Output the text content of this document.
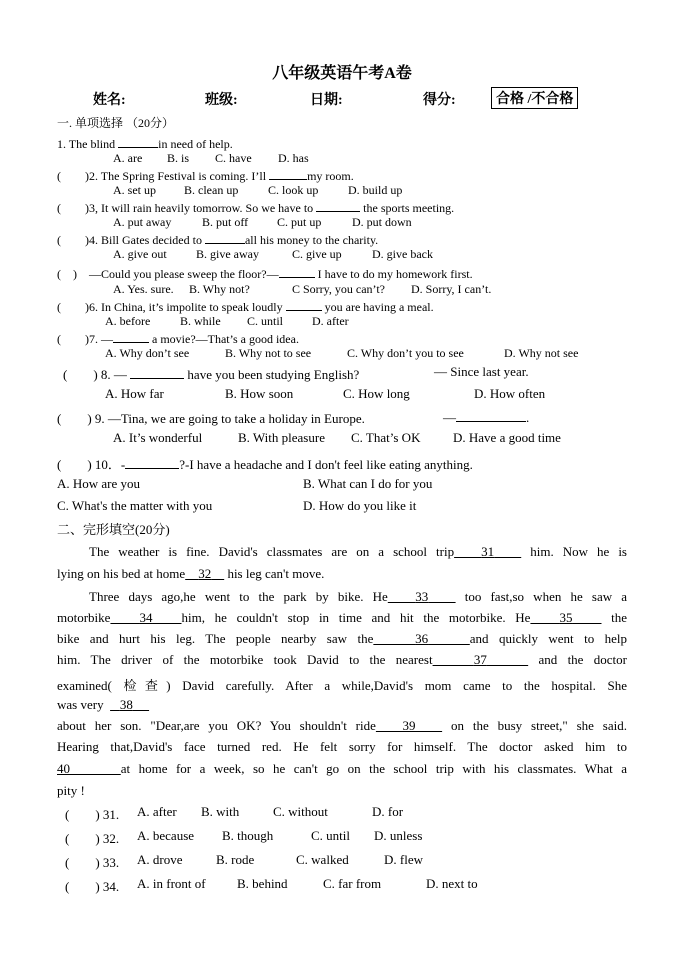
八年级英语午考A卷
姓名:	班级:	日期:	得分:	合格 /不合格
一. 单项选择 （20分）
1. The blind	in need of help.
A. are B. is C. have D. has
(　　)2. The Spring Festival is coming. I’ll	my room.
A. set up B. clean up C. look up D. build up
(　　)3, It will rain heavily tomorrow. So we have to	the sports meeting.
A. put away	B. put off C. put up	D. put down
(　　)4. Bill Gates decided to	all his money to the charity.
A. give out B. give away	C. give up	D. give back
(　)　—Could you please sweep the floor?—	I have to do my homework first.
A. Yes. sure. B. Why not?	C Sorry, you can’t? D. Sorry, I can’t.
(　　)6. In China, it’s impolite to speak loudly	you are having a meal.
A. before B. while C. until D. after
(　　)7. —	a movie?—That’s a good idea.
A. Why don’t see	B. Why not to see	C. Why don’t you to see	D. Why not see
(　　) 8. —	have you been studying English?	— Since last year.
A. How far	B. How soon	C. How long	D. How often
(　　) 9. —Tina, we are going to take a holiday in Europe.	—	.
A. It’s wonderful	B. With pleasure C. That’s OK	D. Have a good time
(　　) 10．-	?-I have a headache and I don't feel like eating anything.
A. How are you	B. What can I do for you
C. What's the matter with you	D. How do you like it
二、完形填空(20分)
The weather is fine. David's classmates are on a school trip 31    him. Now he is
lying on his bed at home 32     his leg can't move.
Three days ago,he went to the park by bike. He 33    too fast,so when he saw a
motorbike 34 him, he couldn't stop in time and hit the motorbike. He 35    the
bike and hurt his leg. The people nearby saw the	36	and quickly went to help
him. The driver of the motorbike took David to the nearest	37	and the doctor
examined( 检查) David carefully. After a while,David's mom came to the hospital. She
was very 38
about her son. "Dear,are you OK? You shouldn't ride 39    on the busy street," she said.
Hearing that,David's face turned red. He felt sorry for himself. The doctor asked him to
40	at home for a week, so he can't go on the school trip with his classmates. What a
pity !
(　　) 31. A. after B. with	C. without	D. for
(　　) 32. A. because B. though	C. until D. unless
(　　) 33. A. drove	B. rode	C. walked	D. flew
(　　) 34. A. in front of B. behind	C. far from	D. next to
